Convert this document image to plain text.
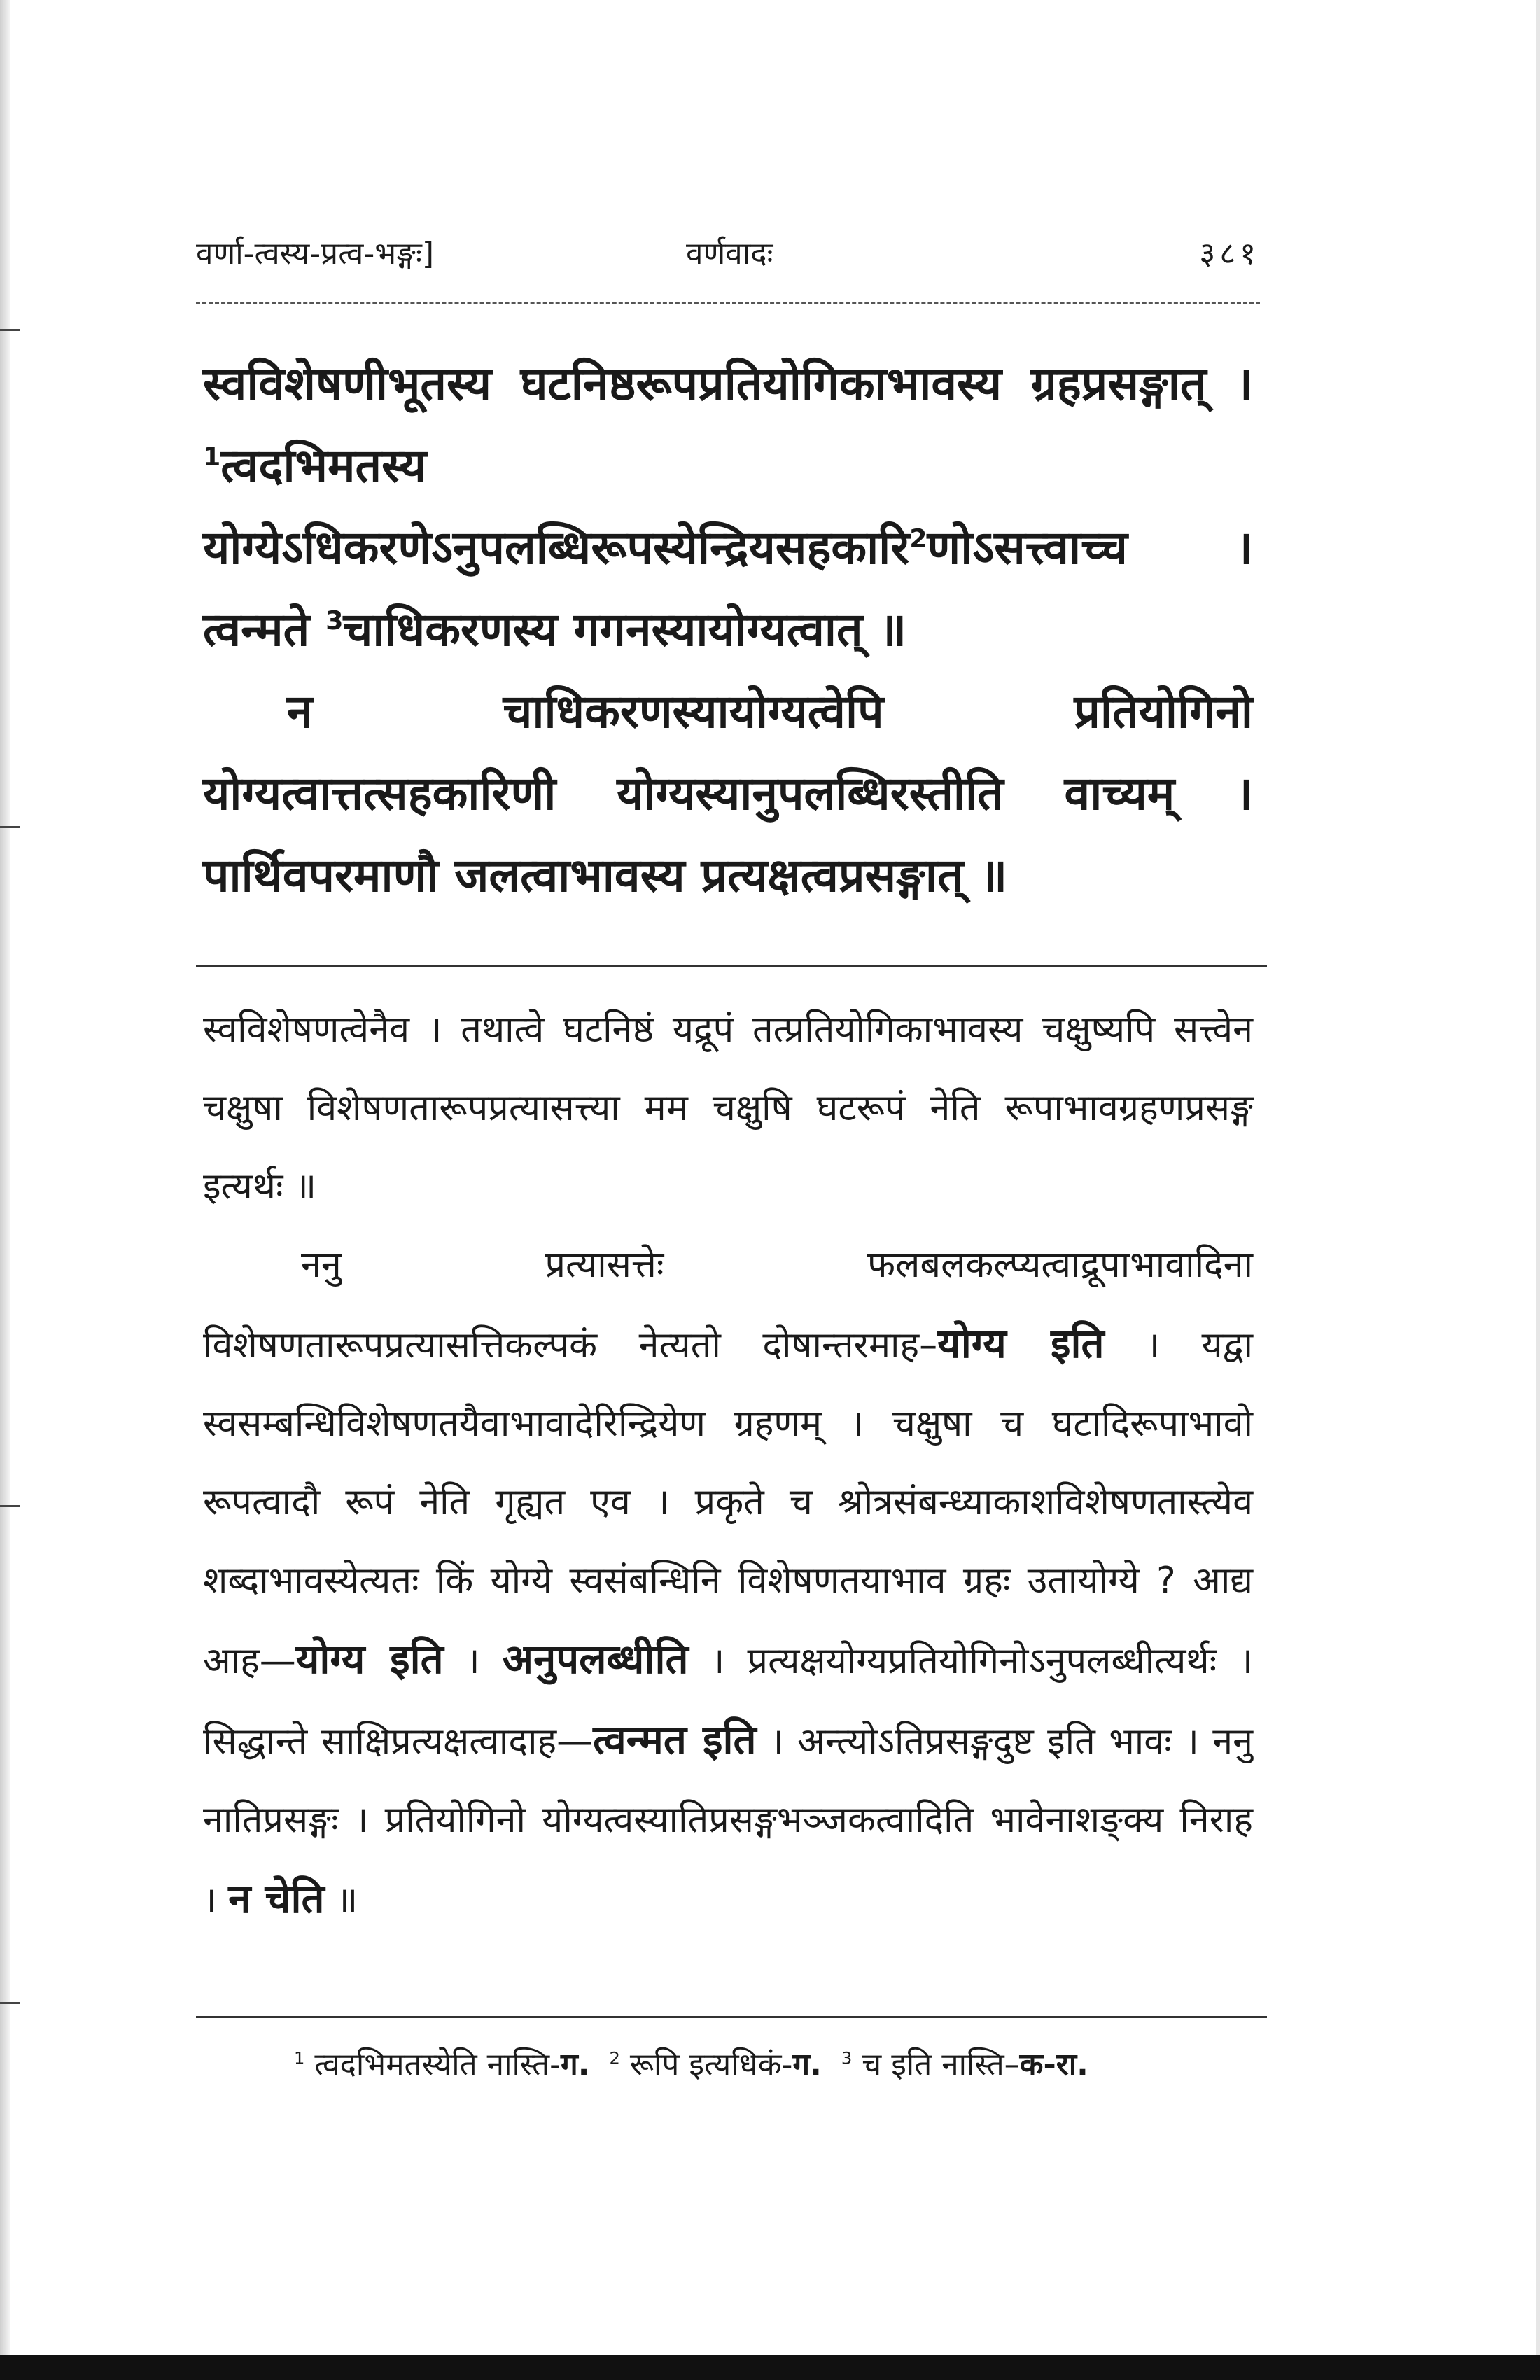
वर्णा-त्वस्य-प्रत्व-भङ्गः]	वर्णवादः	३८१

स्वविशेषणीभूतस्य घटनिष्ठरूपप्रतियोगिकाभावस्य ग्रहप्रसङ्गात् । $^1$त्वदभिमतस्य योग्येऽधिकरणेऽनुपलब्धिरूपस्येन्द्रियसहकारि$^2$णोऽसत्त्वाच्च । त्वन्मते $^3$चाधिकरणस्य गगनस्यायोग्यत्वात् ॥

न चाधिकरणस्यायोग्यत्वेपि प्रतियोगिनो योग्यत्वात्तत्सहकारिणी योग्यस्यानुपलब्धिरस्तीति वाच्यम् । पार्थिवपरमाणौ जलत्वाभावस्य प्रत्यक्षत्वप्रसङ्गात् ॥

स्वविशेषणत्वेनैव । तथात्वे घटनिष्ठं यद्रूपं तत्प्रतियोगिकाभावस्य चक्षुष्यपि सत्त्वेन चक्षुषा विशेषणतारूपप्रत्यासत्त्या मम चक्षुषि घटरूपं नेति रूपाभावग्रहणप्रसङ्ग इत्यर्थः ॥

ननु प्रत्यासत्तेः फलबलकल्प्यत्वाद्रूपाभावादिना विशेषणतारूपप्रत्यासत्तिकल्पकं नेत्यतो दोषान्तरमाह–योग्य इति । यद्वा स्वसम्बन्धिविशेषणतयैवाभावादेरिन्द्रियेण ग्रहणम् । चक्षुषा च घटादिरूपाभावो रूपत्वादौ रूपं नेति गृह्यत एव । प्रकृते च श्रोत्रसंबन्ध्याकाशविशेषणतास्त्येव शब्दाभावस्येत्यतः किं योग्ये स्वसंबन्धिनि विशेषणतयाभाव ग्रहः उतायोग्ये ? आद्य आह—योग्य इति । अनुपलब्धीति । प्रत्यक्षयोग्यप्रतियोगिनोऽनुपलब्धीत्यर्थः । सिद्धान्ते साक्षिप्रत्यक्षत्वादाह—त्वन्मत इति । अन्त्योऽतिप्रसङ्गदुष्ट इति भावः । ननु नातिप्रसङ्गः । प्रतियोगिनो योग्यत्वस्यातिप्रसङ्गभञ्जकत्वादिति भावेनाशङ्क्य निराह । न चेति ॥

$^1$ त्वदभिमतस्येति नास्ति-ग. $^2$ रूपि इत्यधिकं-ग. $^3$ च इति नास्ति–क-रा.
